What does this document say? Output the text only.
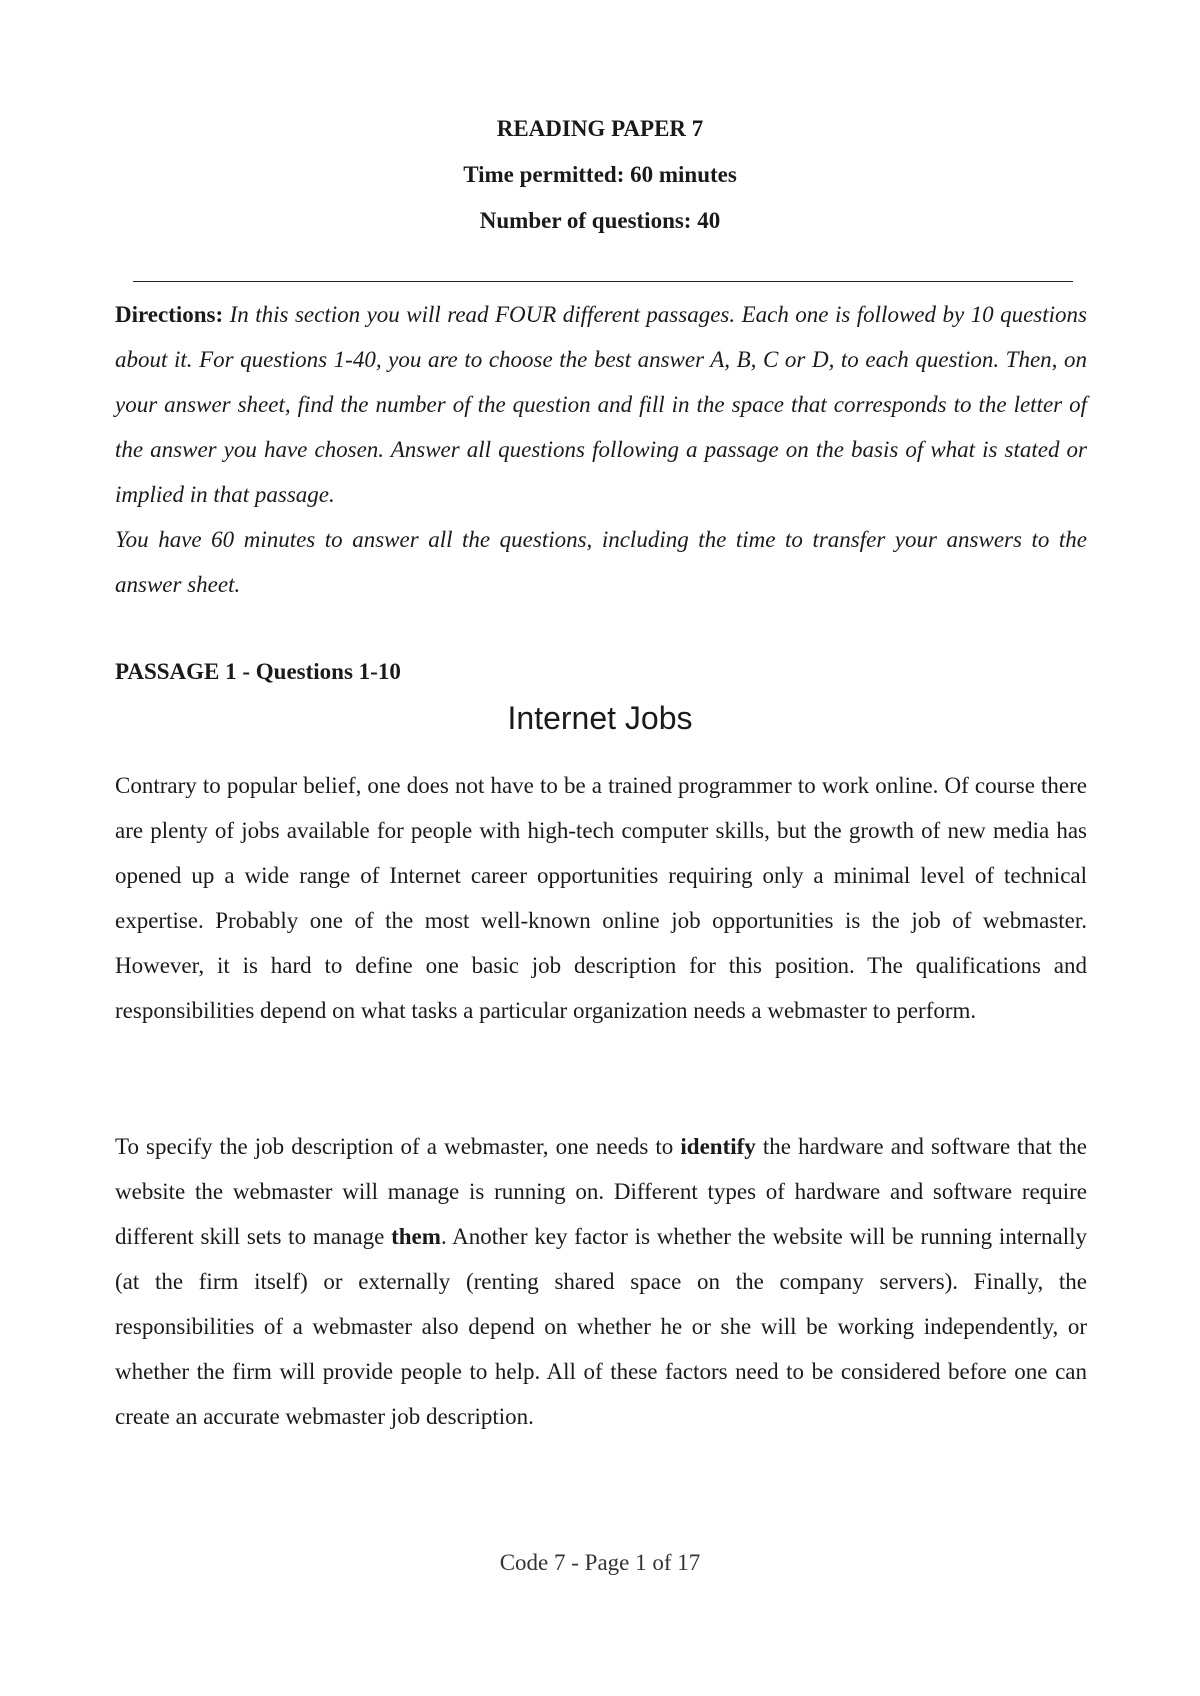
READING PAPER 7
Time permitted: 60 minutes
Number of questions: 40

Directions: In this section you will read FOUR different passages. Each one is followed by 10 questions about it. For questions 1-40, you are to choose the best answer A, B, C or D, to each question. Then, on your answer sheet, find the number of the question and fill in the space that corresponds to the letter of the answer you have chosen. Answer all questions following a passage on the basis of what is stated or implied in that passage.

You have 60 minutes to answer all the questions, including the time to transfer your answers to the answer sheet.

PASSAGE 1 - Questions 1-10
Internet Jobs

Contrary to popular belief, one does not have to be a trained programmer to work online. Of course there are plenty of jobs available for people with high-tech computer skills, but the growth of new media has opened up a wide range of Internet career opportunities requiring only a minimal level of technical expertise. Probably one of the most well-known online job opportunities is the job of webmaster. However, it is hard to define one basic job description for this position. The qualifications and responsibilities depend on what tasks a particular organization needs a webmaster to perform.

To specify the job description of a webmaster, one needs to identify the hardware and software that the website the webmaster will manage is running on. Different types of hardware and software require different skill sets to manage them. Another key factor is whether the website will be running internally (at the firm itself) or externally (renting shared space on the company servers). Finally, the responsibilities of a webmaster also depend on whether he or she will be working independently, or whether the firm will provide people to help. All of these factors need to be considered before one can create an accurate webmaster job description.

Code 7 - Page 1 of 17
